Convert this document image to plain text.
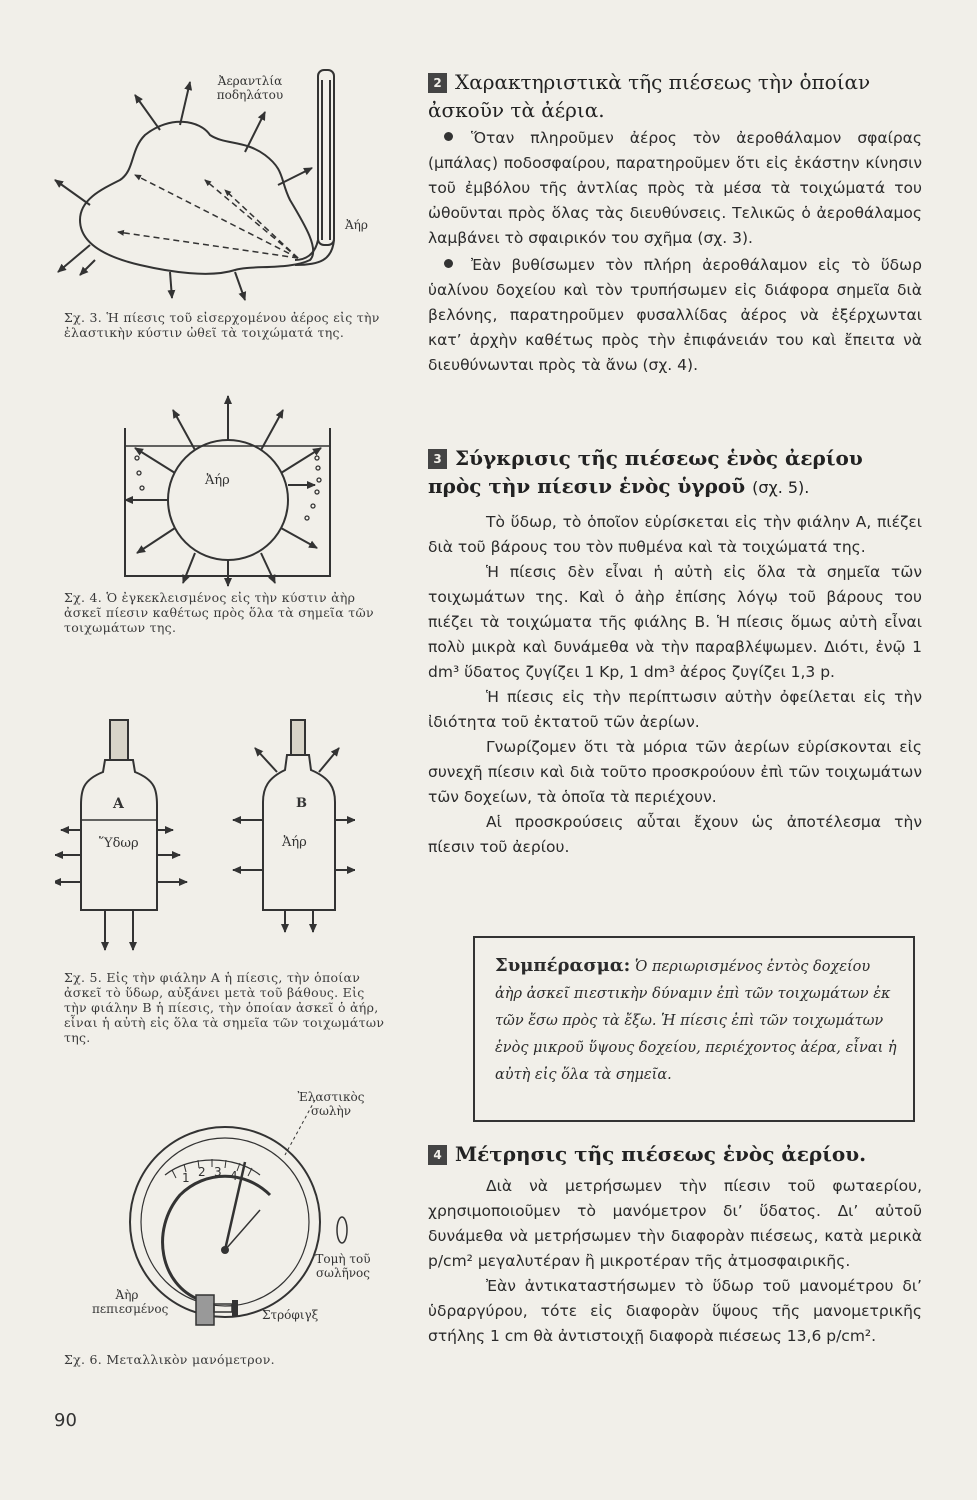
Ἀεραντλία ποδηλάτου
Ἀήρ
Σχ. 3. Ἡ πίεσις τοῦ εἰσερχομένου ἀέρος εἰς τὴν ἐλαστικὴν κύστιν ὠθεῖ τὰ τοιχώματά της.
Ἀήρ
Σχ. 4. Ὁ ἐγκεκλεισμένος εἰς τὴν κύστιν ἀὴρ ἀσκεῖ πίεσιν καθέτως πρὸς ὅλα τὰ σημεῖα τῶν τοιχωμάτων της.
A	B
Ὕδωρ	Ἀήρ
Σχ. 5. Εἰς τὴν φιάλην Α ἡ πίεσις, τὴν ὁποίαν ἀσκεῖ τὸ ὕδωρ, αὐξάνει μετὰ τοῦ βάθους. Εἰς τὴν φιάλην Β ἡ πίεσις, τὴν ὁποίαν ἀσκεῖ ὁ ἀήρ, εἶναι ἡ αὐτὴ εἰς ὅλα τὰ σημεῖα τῶν τοιχωμάτων της.
1 2 3 4
Ἐλαστικὸς σωλὴν
Τομὴ τοῦ σωλῆνος
Ἀὴρ πεπιεσμένος	Στρόφιγξ
Σχ. 6. Μεταλλικὸν μανόμετρον.
2 Χαρακτηριστικὰ τῆς πιέσεως τὴν ὁποίαν ἀσκοῦν τὰ ἀέρια.

Ὅταν πληροῦμεν ἀέρος τὸν ἀεροθάλαμον σφαίρας (μπάλας) ποδοσφαίρου, παρατηροῦμεν ὅτι εἰς ἑκάστην κίνησιν τοῦ ἐμβόλου τῆς ἀντλίας πρὸς τὰ μέσα τὰ τοιχώματά του ὠθοῦνται πρὸς ὅλας τὰς διευθύνσεις. Τελικῶς ὁ ἀεροθάλαμος λαμβάνει τὸ σφαιρικόν του σχῆμα (σχ. 3).

Ἐὰν βυθίσωμεν τὸν πλήρη ἀεροθάλαμον εἰς τὸ ὕδωρ ὑαλίνου δοχείου καὶ τὸν τρυπήσωμεν εἰς διάφορα σημεῖα διὰ βελόνης, παρατηροῦμεν φυσαλλίδας ἀέρος νὰ ἐξέρχωνται κατ’ ἀρχὴν καθέτως πρὸς τὴν ἐπιφάνειάν του καὶ ἔπειτα νὰ διευθύνωνται πρὸς τὰ ἄνω (σχ. 4).

3 Σύγκρισις τῆς πιέσεως ἑνὸς ἀερίου πρὸς τὴν πίεσιν ἑνὸς ὑγροῦ (σχ. 5).

Τὸ ὕδωρ, τὸ ὁποῖον εὑρίσκεται εἰς τὴν φιάλην Α, πιέζει διὰ τοῦ βάρους του τὸν πυθμένα καὶ τὰ τοιχώματά της.

Ἡ πίεσις δὲν εἶναι ἡ αὐτὴ εἰς ὅλα τὰ σημεῖα τῶν τοιχωμάτων της. Καὶ ὁ ἀὴρ ἐπίσης λόγῳ τοῦ βάρους του πιέζει τὰ τοιχώματα τῆς φιάλης Β. Ἡ πίεσις ὅμως αὐτὴ εἶναι πολὺ μικρὰ καὶ δυνάμεθα νὰ τὴν παραβλέψωμεν. Διότι, ἐνῷ 1 dm³ ὕδατος ζυγίζει 1 Kp, 1 dm³ ἀέρος ζυγίζει 1,3 p.

Ἡ πίεσις εἰς τὴν περίπτωσιν αὐτὴν ὀφείλεται εἰς τὴν ἰδιότητα τοῦ ἐκτατοῦ τῶν ἀερίων.

Γνωρίζομεν ὅτι τὰ μόρια τῶν ἀερίων εὑρίσκονται εἰς συνεχῆ πίεσιν καὶ διὰ τοῦτο προσκρούουν ἐπὶ τῶν τοιχωμάτων τῶν δοχείων, τὰ ὁποῖα τὰ περιέχουν.

Αἱ προσκρούσεις αὗται ἔχουν ὡς ἀποτέλεσμα τὴν πίεσιν τοῦ ἀερίου.

Συμπέρασμα: Ὁ περιωρισμένος ἐντὸς δοχείου ἀὴρ ἀσκεῖ πιεστικὴν δύναμιν ἐπὶ τῶν τοιχωμάτων ἐκ τῶν ἔσω πρὸς τὰ ἔξω. Ἡ πίεσις ἐπὶ τῶν τοιχωμάτων ἑνὸς μικροῦ ὕψους δοχείου, περιέχοντος ἀέρα, εἶναι ἡ αὐτὴ εἰς ὅλα τὰ σημεῖα.
4 Μέτρησις τῆς πιέσεως ἑνὸς ἀερίου.

Διὰ νὰ μετρήσωμεν τὴν πίεσιν τοῦ φωταερίου, χρησιμοποιοῦμεν τὸ μανόμετρον δι’ ὕδατος. Δι’ αὐτοῦ δυνάμεθα νὰ μετρήσωμεν τὴν διαφορὰν πιέσεως, κατὰ μερικὰ p/cm² μεγαλυτέραν ἢ μικροτέραν τῆς ἀτμοσφαιρικῆς.

Ἐὰν ἀντικαταστήσωμεν τὸ ὕδωρ τοῦ μανομέτρου δι’ ὑδραργύρου, τότε εἰς διαφορὰν ὕψους τῆς μανομετρικῆς στήλης 1 cm θὰ ἀντιστοιχῇ διαφορὰ πιέσεως 13,6 p/cm².

90
